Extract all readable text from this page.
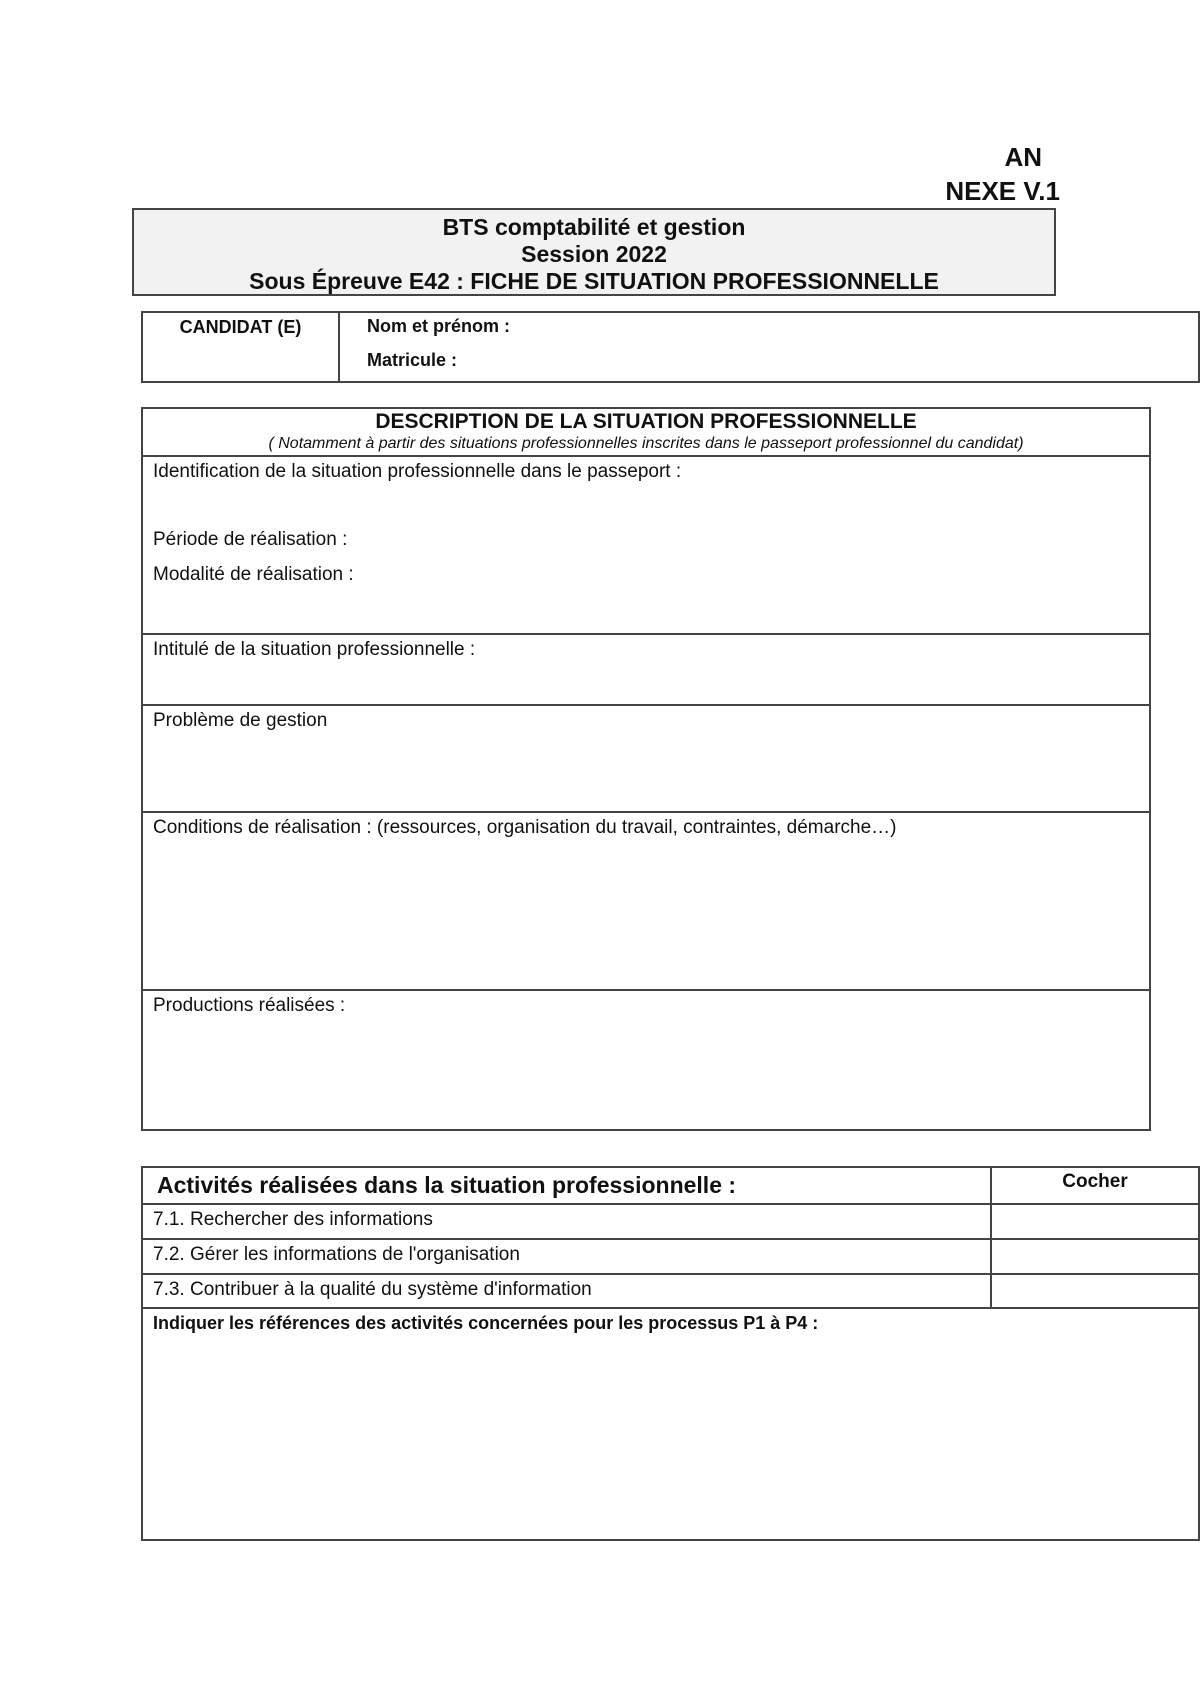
AN
NEXE V.1
BTS comptabilité et gestion
Session 2022
Sous Épreuve E42 : FICHE DE SITUATION PROFESSIONNELLE
CANDIDAT (E)	Nom et prénom :
Matricule :
DESCRIPTION DE LA SITUATION PROFESSIONNELLE
( Notamment à partir des situations professionnelles inscrites dans le passeport professionnel du candidat)
Identification de la situation professionnelle dans le passeport :
Période de réalisation :
Modalité de réalisation :
Intitulé de la situation professionnelle :
Problème de gestion
Conditions de réalisation : (ressources, organisation du travail, contraintes, démarche…)
Productions réalisées :
Activités réalisées dans la situation professionnelle :	Cocher
7.1. Rechercher des informations
7.2. Gérer les informations de l'organisation
7.3. Contribuer à la qualité du système d'information
Indiquer les références des activités concernées pour les processus P1 à P4 :
